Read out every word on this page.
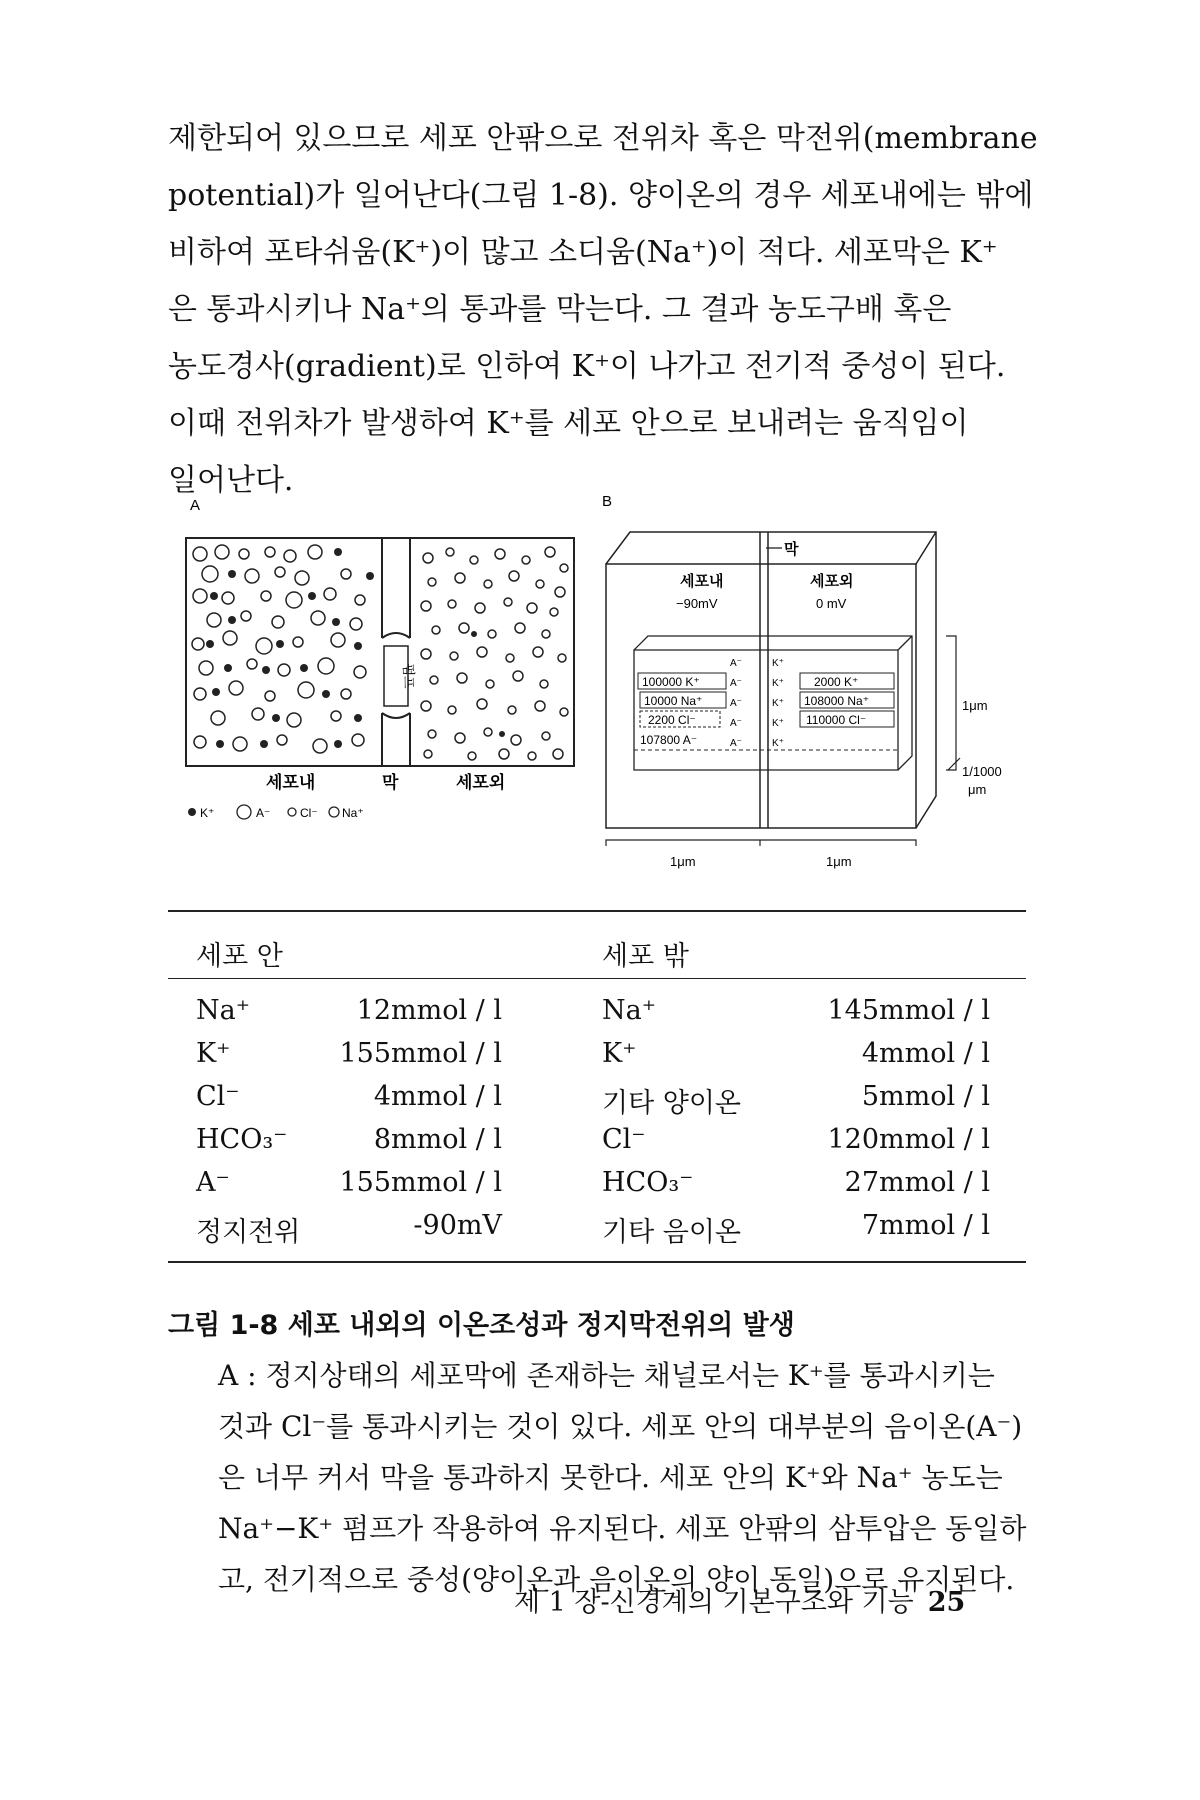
제한되어 있으므로 세포 안팎으로 전위차 혹은 막전위(membrane
potential)가 일어난다(그림 1-8). 양이온의 경우 세포내에는 밖에
비하여 포타쉬움(K⁺)이 많고 소디움(Na⁺)이 적다. 세포막은 K⁺
은 통과시키나 Na⁺의 통과를 막는다. 그 결과 농도구배 혹은
농도경사(gradient)로 인하여 K⁺이 나가고 전기적 중성이 된다.
이때 전위차가 발생하여 K⁺를 세포 안으로 보내려는 움직임이
일어난다.
A
펌프
세포내	막	세포외
K⁺	A⁻ Cl⁻ Na⁺
B
막
세포내
−90mV
세포외
0 mV
100000 K⁺
10000 Na⁺
2200 Cl⁻
107800 A⁻
A⁻
A⁻
A⁻
A⁻
A⁻
K⁺
K⁺
K⁺
K⁺
K⁺
2000 K⁺
108000 Na⁺
110000 Cl⁻
1μm
1/1000
μm
1μm	1μm
세포 안	세포 밖
Na⁺	12mmol / l	Na⁺	145mmol / l
K⁺	155mmol / l	K⁺	4mmol / l
Cl⁻	4mmol / l	기타 양이온	5mmol / l
HCO₃⁻	8mmol / l	Cl⁻	120mmol / l
A⁻	155mmol / l	HCO₃⁻	27mmol / l
정지전위	-90mV	기타 음이온	7mmol / l
그림 1-8 세포 내외의 이온조성과 정지막전위의 발생
A : 정지상태의 세포막에 존재하는 채널로서는 K⁺를 통과시키는
것과 Cl⁻를 통과시키는 것이 있다. 세포 안의 대부분의 음이온(A⁻)
은 너무 커서 막을 통과하지 못한다. 세포 안의 K⁺와 Na⁺ 농도는
Na⁺−K⁺ 펌프가 작용하여 유지된다. 세포 안팎의 삼투압은 동일하
고, 전기적으로 중성(양이온과 음이온의 양이 동일)으로 유지된다.
제 1 장-신경계의 기본구조와 기능 25
